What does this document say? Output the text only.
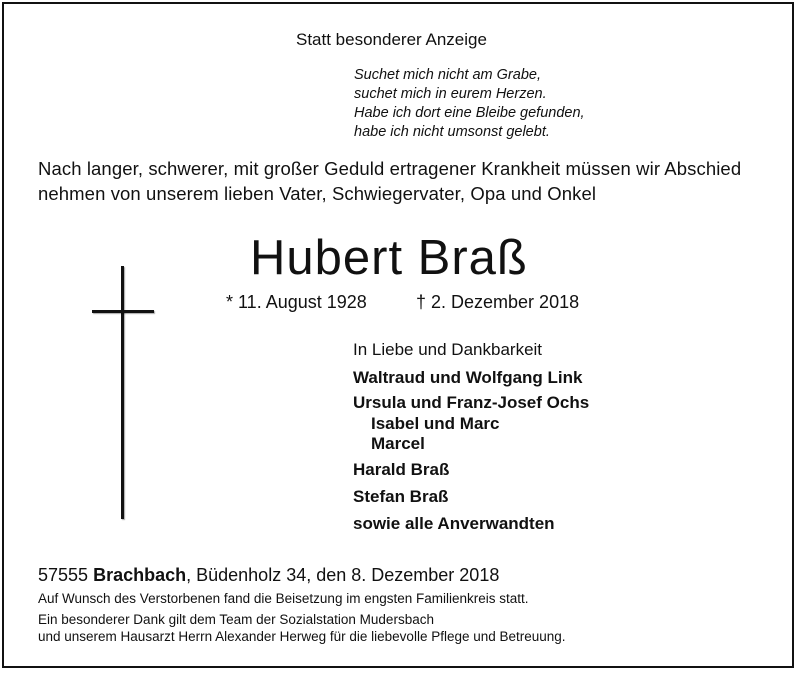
Statt besonderer Anzeige
Suchet mich nicht am Grabe,
suchet mich in eurem Herzen.
Habe ich dort eine Bleibe gefunden,
habe ich nicht umsonst gelebt.
Nach langer, schwerer, mit großer Geduld ertragener Krankheit müssen wir Abschied
nehmen von unserem lieben Vater, Schwiegervater, Opa und Onkel
Hubert Braß
* 11. August 1928	† 2. Dezember 2018
In Liebe und Dankbarkeit
Waltraud und Wolfgang Link
Ursula und Franz-Josef Ochs
Isabel und Marc
Marcel
Harald Braß
Stefan Braß
sowie alle Anverwandten
57555 Brachbach, Büdenholz 34, den 8. Dezember 2018
Auf Wunsch des Verstorbenen fand die Beisetzung im engsten Familienkreis statt.
Ein besonderer Dank gilt dem Team der Sozialstation Mudersbach
und unserem Hausarzt Herrn Alexander Herweg für die liebevolle Pflege und Betreuung.
